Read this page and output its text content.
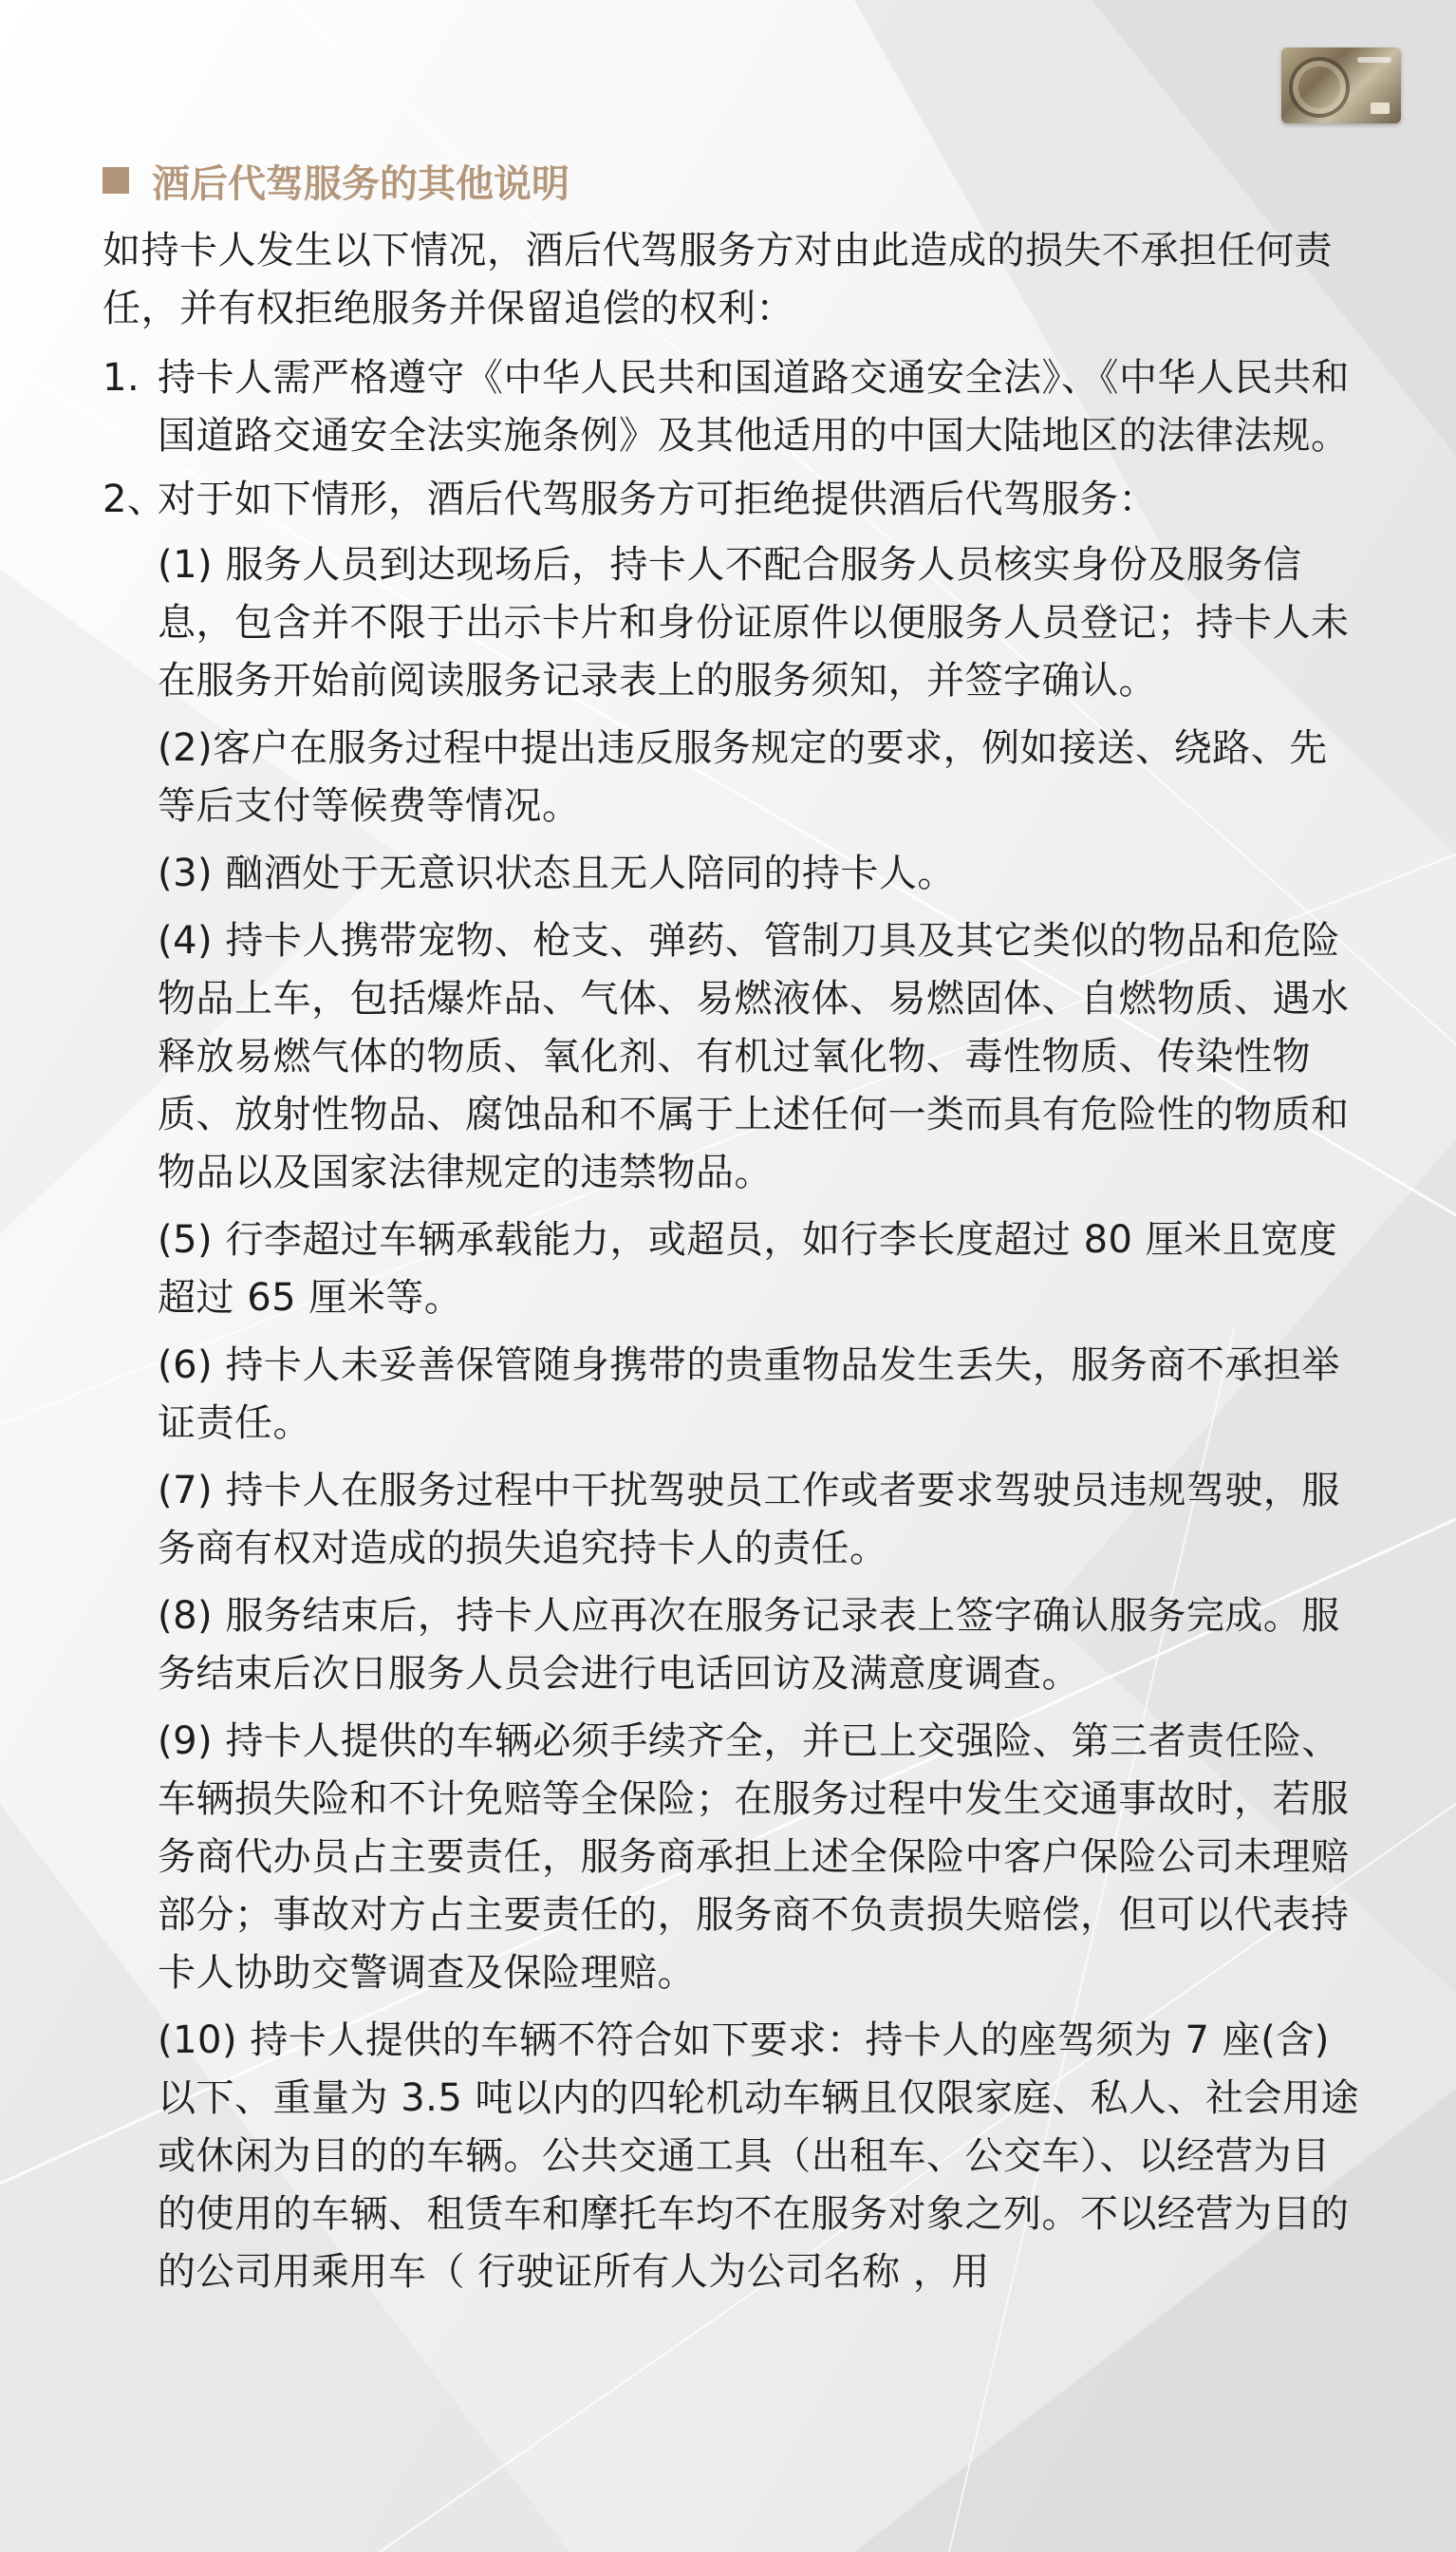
酒后代驾服务的其他说明
如持卡人发生以下情况，酒后代驾服务方对由此造成的损失不承担任何责任，并有权拒绝服务并保留追偿的权利：
1. 持卡人需严格遵守《中华人民共和国道路交通安全法》、《中华人民共和国道路交通安全法实施条例》及其他适用的中国大陆地区的法律法规。
2、
对于如下情形，酒后代驾服务方可拒绝提供酒后代驾服务：
(1) 服务人员到达现场后，持卡人不配合服务人员核实身份及服务信息，包含并不限于出示卡片和身份证原件以便服务人员登记；持卡人未在服务开始前阅读服务记录表上的服务须知，并签字确认。
(2)客户在服务过程中提出违反服务规定的要求，例如接送、绕路、先等后支付等候费等情况。
(3) 酗酒处于无意识状态且无人陪同的持卡人。
(4) 持卡人携带宠物、枪支、弹药、管制刀具及其它类似的物品和危险物品上车，包括爆炸品、气体、易燃液体、易燃固体、自燃物质、遇水释放易燃气体的物质、氧化剂、有机过氧化物、毒性物质、传染性物质、放射性物品、腐蚀品和不属于上述任何一类而具有危险性的物质和物品以及国家法律规定的违禁物品。
(5) 行李超过车辆承载能力，或超员，如行李长度超过 80 厘米且宽度超过 65 厘米等。
(6) 持卡人未妥善保管随身携带的贵重物品发生丢失，服务商不承担举证责任。
(7) 持卡人在服务过程中干扰驾驶员工作或者要求驾驶员违规驾驶，服务商有权对造成的损失追究持卡人的责任。
(8) 服务结束后，持卡人应再次在服务记录表上签字确认服务完成。服务结束后次日服务人员会进行电话回访及满意度调查。
(9) 持卡人提供的车辆必须手续齐全，并已上交强险、第三者责任险、车辆损失险和不计免赔等全保险；在服务过程中发生交通事故时，若服务商代办员占主要责任，服务商承担上述全保险中客户保险公司未理赔部分；事故对方占主要责任的，服务商不负责损失赔偿，但可以代表持卡人协助交警调查及保险理赔。
(10) 持卡人提供的车辆不符合如下要求：持卡人的座驾须为 7 座(含)以下、重量为 3.5 吨以内的四轮机动车辆且仅限家庭、私人、社会用途或休闲为目的的车辆。公共交通工具（出租车、公交车）、以经营为目的使用的车辆、租赁车和摩托车均不在服务对象之列。不以经营为目的的公司用乘用车（ 行驶证所有人为公司名称 ，用
